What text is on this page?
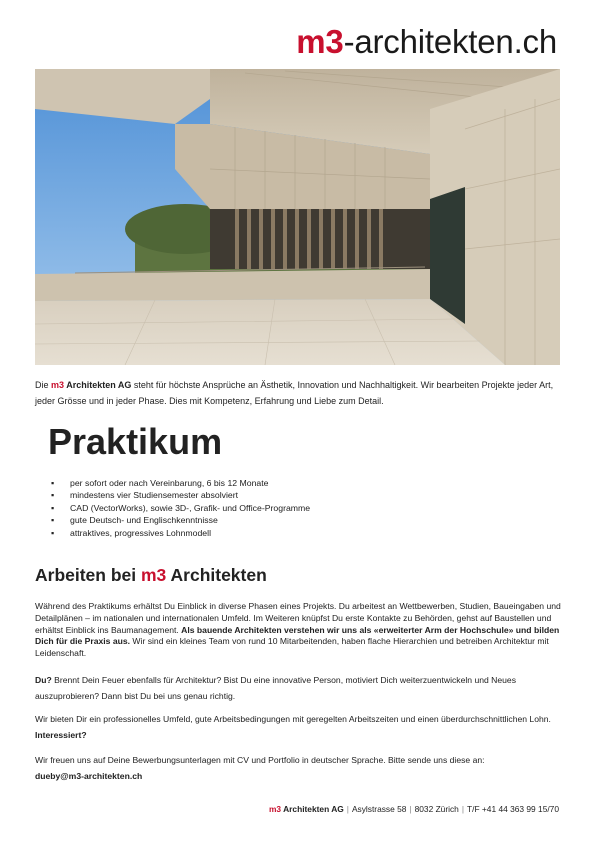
m3-architekten.ch
Die m3 Architekten AG steht für höchste Ansprüche an Ästhetik, Innovation und Nachhaltigkeit. Wir bearbeiten Projekte jeder Art, jeder Grösse und in jeder Phase. Dies mit Kompetenz, Erfahrung und Liebe zum Detail.
Praktikum
▪ per sofort oder nach Vereinbarung, 6 bis 12 Monate
▪ mindestens vier Studiensemester absolviert
▪ CAD (VectorWorks), sowie 3D-, Grafik- und Office-Programme
▪ gute Deutsch- und Englischkenntnisse
▪ attraktives, progressives Lohnmodell
Arbeiten bei m3 Architekten

Während des Praktikums erhältst Du Einblick in diverse Phasen eines Projekts. Du arbeitest an Wettbewerben, Studien, Baueingaben und Detailplänen – im nationalen und internationalen Umfeld. Im Weiteren knüpfst Du erste Kontakte zu Behörden, gehst auf Baustellen und erhältst Einblick ins Baumanagement. Als bauende Architekten verstehen wir uns als «erweiterter Arm der Hochschule» und bilden Dich für die Praxis aus. Wir sind ein kleines Team von rund 10 Mitarbeitenden, haben flache Hierarchien und betreiben Architektur mit Leidenschaft.

Du? Brennt Dein Feuer ebenfalls für Architektur? Bist Du eine innovative Person, motiviert Dich weiterzuentwickeln und Neues auszuprobieren? Dann bist Du bei uns genau richtig.

Wir bieten Dir ein professionelles Umfeld, gute Arbeitsbedingungen mit geregelten Arbeitszeiten und einen überdurchschnittlichen Lohn. Interessiert?

Wir freuen uns auf Deine Bewerbungsunterlagen mit CV und Portfolio in deutscher Sprache. Bitte sende uns diese an:
dueby@m3-architekten.ch

m3 Architekten AG | Asylstrasse 58 | 8032 Zürich | T/F +41 44 363 99 15/70
